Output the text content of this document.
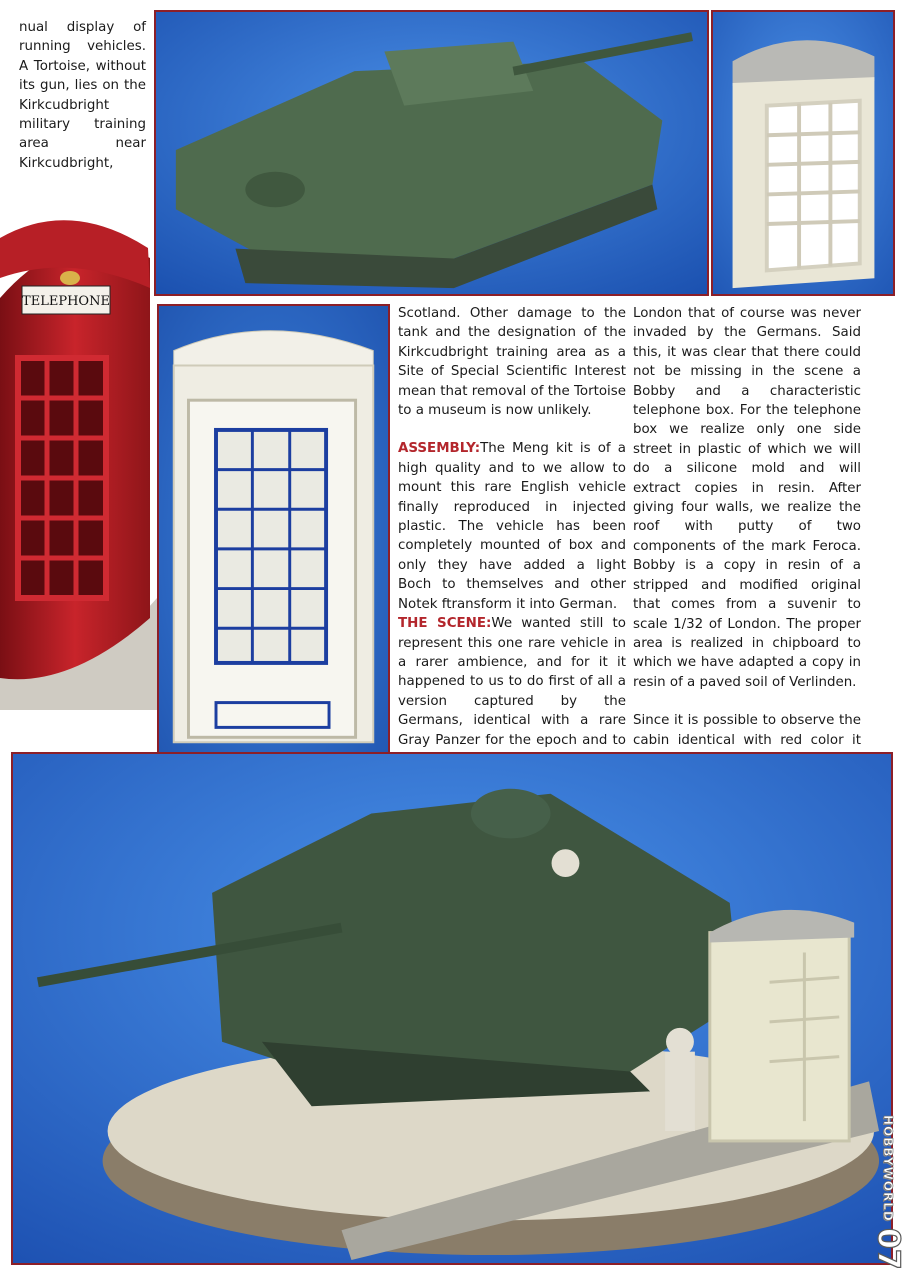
nual display of running vehicles. A Tortoise, without its gun, lies on the Kirkcudbright military training area near Kirkcudbright,

TELEPHONE

Scotland. Other damage to the tank and the designation of the Kirkcudbright training area as a Site of Special Scientific Interest mean that removal of the Tortoise to a museum is now unlikely.

ASSEMBLY:The Meng kit is of a high quality and to we allow to mount this rare English vehicle finally reproduced in injected plastic. The vehicle has been completely mounted of box and only they have added a light Boch to themselves and other Notek ftransform it into German.

THE SCENE:We wanted still to represent this one rare vehicle in a rarer ambience, and for it it happened to us to do first of all a version captured by the Germans, identical with a rare Gray Panzer for the epoch and to

London that of course was never invaded by the Germans. Said this, it was clear that there could not be missing in the scene a Bobby and a characteristic telephone box. For the telephone box we realize only one side street in plastic of which we will do a silicone mold and will extract copies in resin. After giving four walls, we realize the roof with putty of two components of the mark Feroca. Bobby is a copy in resin of a stripped and modified original that comes from a suvenir to scale 1/32 of London. The proper area is realized in chipboard to which we have adapted a copy in resin of a paved soil of Verlinden.

Since it is possible to observe the cabin identical with red color it

HOBBYWORLD
07
